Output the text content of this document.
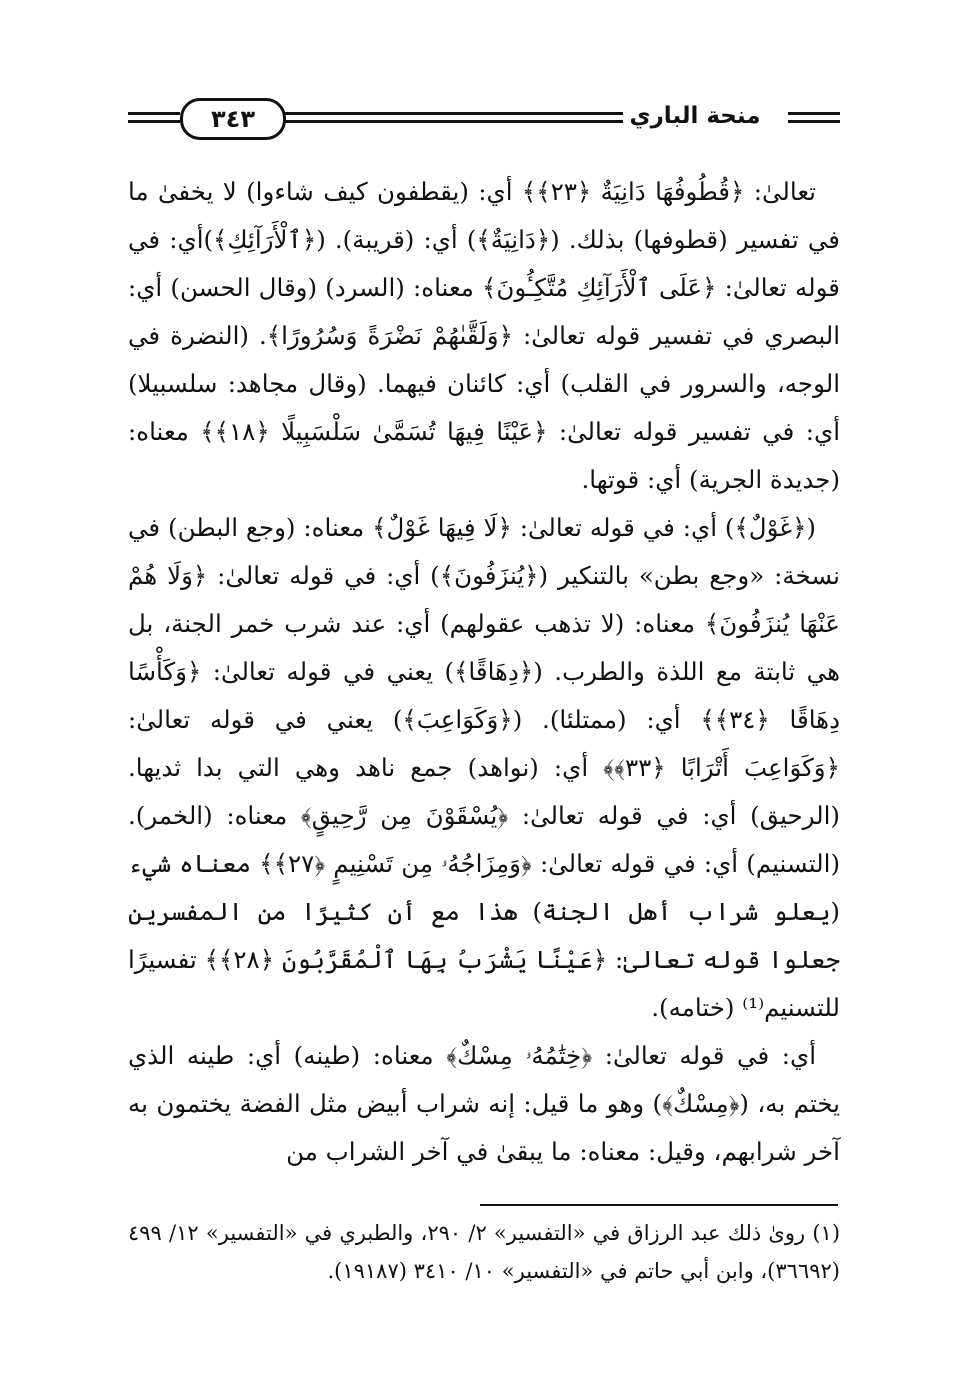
٣٤٣	منحة الباري

تعالىٰ: ﴿قُطُوفُهَا دَانِيَةٌ ﴿٢٣﴾﴾ أي: (يقطفون كيف شاءوا) لا يخفىٰ ما في تفسير (قطوفها) بذلك. (﴿دَانِيَةٌ﴾) أي: (قريبة). (﴿ٱلْأَرَآئِكِ﴾)أي: في قوله تعالىٰ: ﴿عَلَى ٱلْأَرَآئِكِ مُتَّكِـُٔونَ﴾ معناه: (السرد) (وقال الحسن) أي: البصري في تفسير قوله تعالىٰ: ﴿وَلَقَّىٰهُمْ نَضْرَةً وَسُرُورًا﴾. (النضرة في الوجه، والسرور في القلب) أي: كائنان فيهما. (وقال مجاهد: سلسبيلا) أي: في تفسير قوله تعالىٰ: ﴿عَيْنًا فِيهَا تُسَمَّىٰ سَلْسَبِيلًا ﴿١٨﴾﴾ معناه: (جديدة الجرية) أي: قوتها.

(﴿غَوْلٌ﴾) أي: في قوله تعالىٰ: ﴿لَا فِيهَا غَوْلٌ﴾ معناه: (وجع البطن) في نسخة: «وجع بطن» بالتنكير (﴿يُنزَفُونَ﴾) أي: في قوله تعالىٰ: ﴿وَلَا هُمْ عَنْهَا يُنزَفُونَ﴾ معناه: (لا تذهب عقولهم) أي: عند شرب خمر الجنة، بل هي ثابتة مع اللذة والطرب. (﴿دِهَاقًا﴾) يعني في قوله تعالىٰ: ﴿وَكَأْسًا دِهَاقًا ﴿٣٤﴾﴾ أي: (ممتلئا). (﴿وَكَوَاعِبَ﴾) يعني في قوله تعالىٰ: ﴿وَكَوَاعِبَ أَتْرَابًا ﴿٣٣﴾﴾ أي: (نواهد) جمع ناهد وهي التي بدا ثديها. (الرحيق) أي: في قوله تعالىٰ: ﴿يُسْقَوْنَ مِن رَّحِيقٍ﴾ معناه: (الخمر). (التسنيم) أي: في قوله تعالىٰ: ﴿وَمِزَاجُهُۥ مِن تَسْنِيمٍ ﴿٢٧﴾﴾ معناه شيء (يعلو شراب أهل الجنة) هذا مع أن كثيرًا من المفسرين جعلوا قوله تعالىٰ: ﴿عَيْنًا يَشْرَبُ بِهَا ٱلْمُقَرَّبُونَ ﴿٢٨﴾﴾ تفسيرًا للتسنيم⁽¹⁾ (ختامه).

أي: في قوله تعالىٰ: ﴿خِتَٰمُهُۥ مِسْكٌ﴾ معناه: (طينه) أي: طينه الذي يختم به، (﴿مِسْكٌ﴾) وهو ما قيل: إنه شراب أبيض مثل الفضة يختمون به آخر شرابهم، وقيل: معناه: ما يبقىٰ في آخر الشراب من

(١) روىٰ ذلك عبد الرزاق في «التفسير» ٢/ ٢٩٠، والطبري في «التفسير» ١٢/ ٤٩٩ (٣٦٦٩٢)، وابن أبي حاتم في «التفسير» ١٠/ ٣٤١٠ (١٩١٨٧).
